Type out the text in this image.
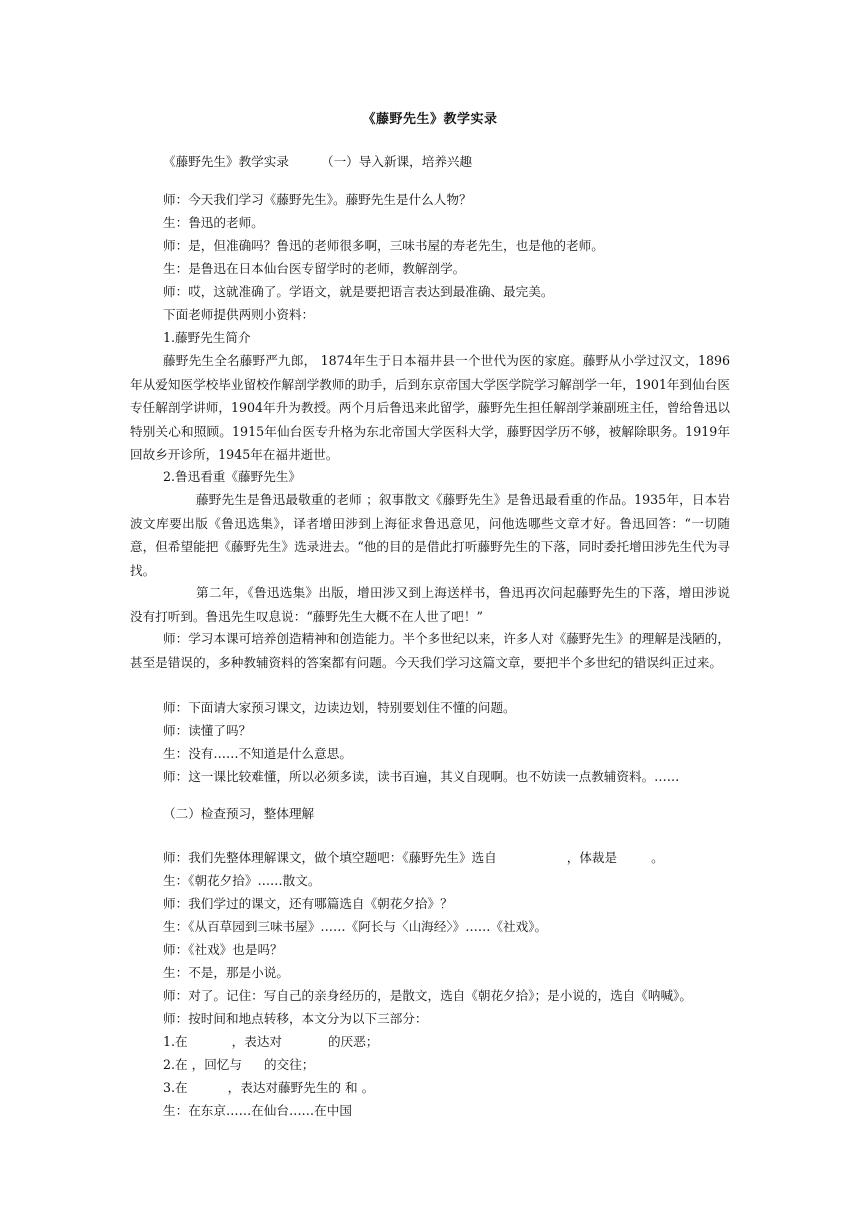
《藤野先生》教学实录
《藤野先生》教学实录	（一）导入新课，培养兴趣
师：今天我们学习《藤野先生》。藤野先生是什么人物？
生：鲁迅的老师。
师：是，但准确吗？鲁迅的老师很多啊，三味书屋的寿老先生，也是他的老师。
生：是鲁迅在日本仙台医专留学时的老师，教解剖学。
师：哎，这就准确了。学语文，就是要把语言表达到最准确、最完美。
下面老师提供两则小资料：
1.藤野先生简介
藤野先生全名藤野严九郎， 1874年生于日本福井县一个世代为医的家庭。藤野从小学过汉文，1896年从爱知医学校毕业留校作解剖学教师的助手，后到东京帝国大学医学院学习解剖学一年，1901年到仙台医专任解剖学讲师，1904年升为教授。两个月后鲁迅来此留学，藤野先生担任解剖学兼副班主任，曾给鲁迅以特别关心和照顾。1915年仙台医专升格为东北帝国大学医科大学，藤野因学历不够，被解除职务。1919年回故乡开诊所，1945年在福井逝世。
2.鲁迅看重《藤野先生》
藤野先生是鲁迅最敬重的老师 ；叙事散文《藤野先生》是鲁迅最看重的作品。1935年，日本岩波文库要出版《鲁迅选集》，译者增田涉到上海征求鲁迅意见，问他选哪些文章才好。鲁迅回答：“一切随意，但希望能把《藤野先生》选录进去。“他的目的是借此打听藤野先生的下落，同时委托增田涉先生代为寻找。
第二年，《鲁迅选集》出版，增田涉又到上海送样书，鲁迅再次问起藤野先生的下落，增田涉说没有打听到。鲁迅先生叹息说：“藤野先生大概不在人世了吧！”
师：学习本课可培养创造精神和创造能力。半个多世纪以来，许多人对《藤野先生》的理解是浅陋的，甚至是错误的，多种教辅资料的答案都有问题。今天我们学习这篇文章，要把半个多世纪的错误纠正过来。
师：下面请大家预习课文，边读边划，特别要划住不懂的问题。
师：读懂了吗？
生：没有……不知道是什么意思。
师：这一课比较难懂，所以必须多读，读书百遍，其义自现啊。也不妨读一点教辅资料。……
（二）检查预习，整体理解
师：我们先整体理解课文，做个填空题吧：《藤野先生》选自	，体裁是	。
生：《朝花夕拾》……散文。
师：我们学过的课文，还有哪篇选自《朝花夕拾》？
生：《从百草园到三味书屋》……《阿长与〈山海经〉》……《社戏》。
师：《社戏》也是吗？
生：不是，那是小说。
师：对了。记住：写自己的亲身经历的，是散文，选自《朝花夕拾》；是小说的，选自《呐喊》。
师：按时间和地点转移，本文分为以下三部分：
1.在	，表达对	的厌恶；
2.在 ，回忆与 的交往；
3.在	，表达对藤野先生的 和 。
生：在东京……在仙台……在中国
